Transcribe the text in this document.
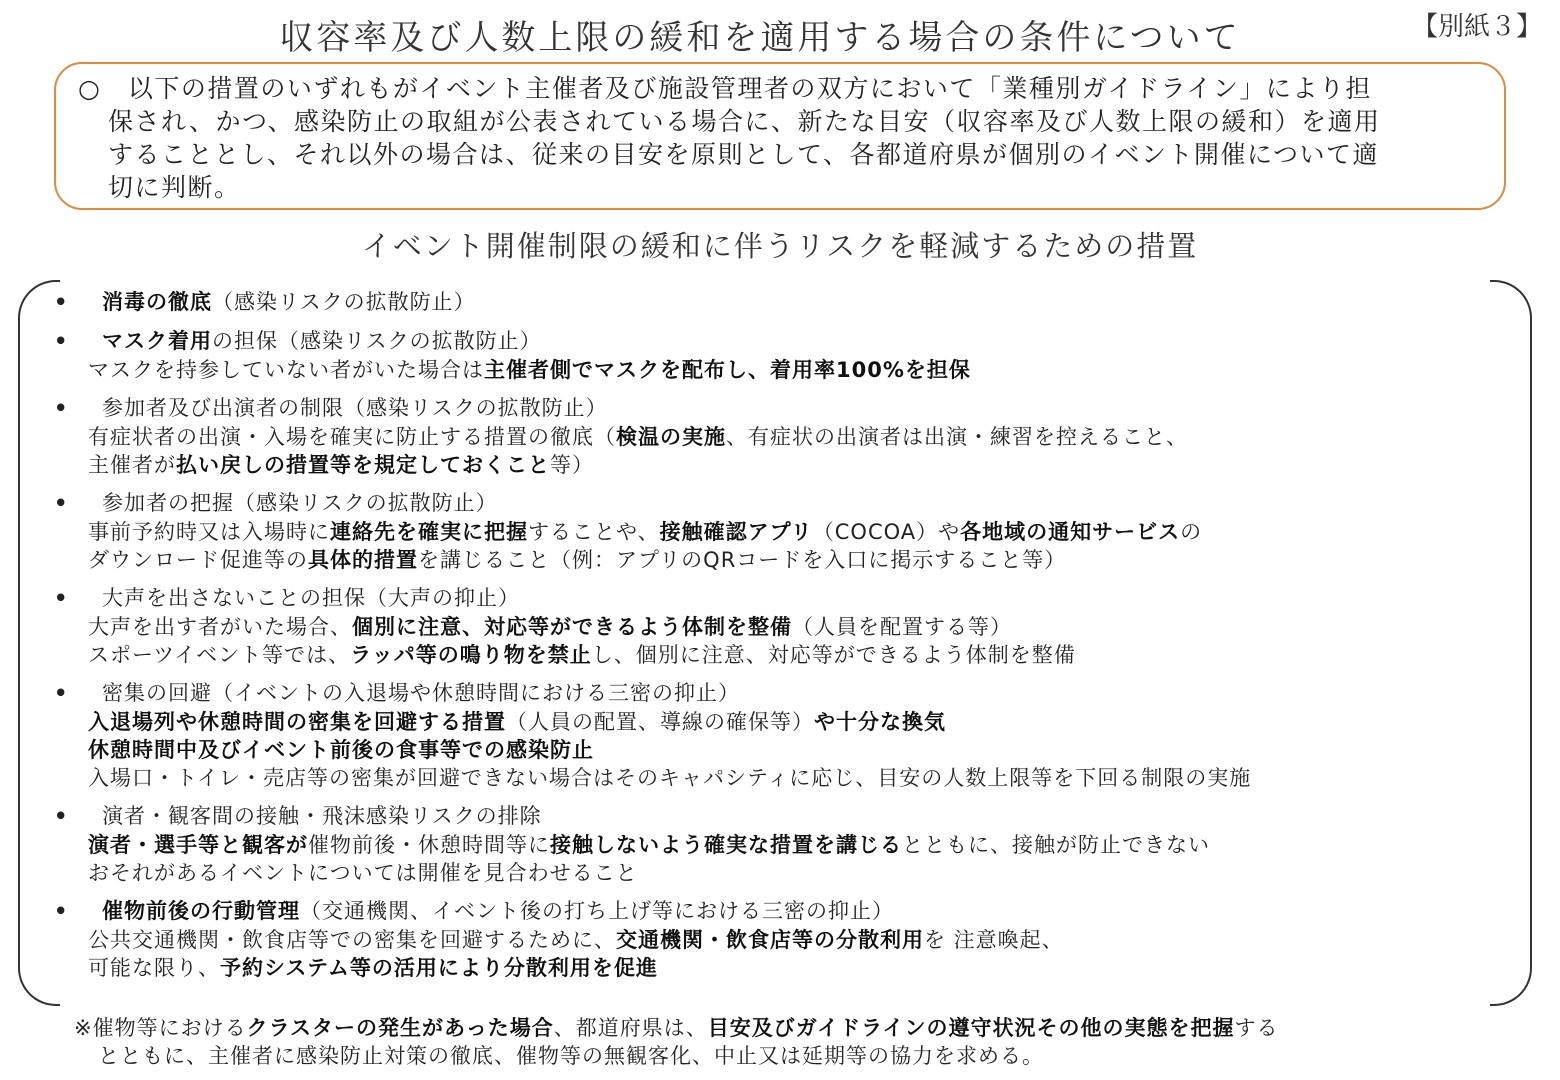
収容率及び人数上限の緩和を適用する場合の条件について	【別紙３】

○　 以下の措置のいずれもがイベント主催者及び施設管理者の双方において「業種別ガイドライン」により担

保され、かつ、感染防止の取組が公表されている場合に、新たな目安（収容率及び人数上限の緩和）を適用

することとし、それ以外の場合は、従来の目安を原則として、各都道府県が個別のイベント開催について適

切に判断。

イベント開催制限の緩和に伴うリスクを軽減するための措置
• 消毒の徹底（感染リスクの拡散防止）
• マスク着用の担保（感染リスクの拡散防止）
マスクを持参していない者がいた場合は主催者側でマスクを配布し、着用率100%を担保
• 参加者及び出演者の制限（感染リスクの拡散防止）
有症状者の出演・入場を確実に防止する措置の徹底（検温の実施、有症状の出演者は出演・練習を控えること、
主催者が払い戻しの措置等を規定しておくこと等）
• 参加者の把握（感染リスクの拡散防止）
事前予約時又は入場時に連絡先を確実に把握することや、接触確認アプリ（COCOA）や各地域の通知サービスの
ダウンロード促進等の具体的措置を講じること（例：アプリのQRコードを入口に掲示すること等）
• 大声を出さないことの担保（大声の抑止）
大声を出す者がいた場合、個別に注意、対応等ができるよう体制を整備（人員を配置する等）
スポーツイベント等では、ラッパ等の鳴り物を禁止し、個別に注意、対応等ができるよう体制を整備
• 密集の回避（イベントの入退場や休憩時間における三密の抑止）
入退場列や休憩時間の密集を回避する措置（人員の配置、導線の確保等）や十分な換気
休憩時間中及びイベント前後の食事等での感染防止
入場口・トイレ・売店等の密集が回避できない場合はそのキャパシティに応じ、目安の人数上限等を下回る制限の実施
• 演者・観客間の接触・飛沫感染リスクの排除
演者・選手等と観客が催物前後・休憩時間等に接触しないよう確実な措置を講じるとともに、接触が防止できない
おそれがあるイベントについては開催を見合わせること
• 催物前後の行動管理（交通機関、イベント後の打ち上げ等における三密の抑止）
公共交通機関・飲食店等での密集を回避するために、交通機関・飲食店等の分散利用を 注意喚起、
可能な限り、予約システム等の活用により分散利用を促進
※催物等におけるクラスターの発生があった場合、都道府県は、目安及びガイドラインの遵守状況その他の実態を把握する
とともに、主催者に感染防止対策の徹底、催物等の無観客化、中止又は延期等の協力を求める。
